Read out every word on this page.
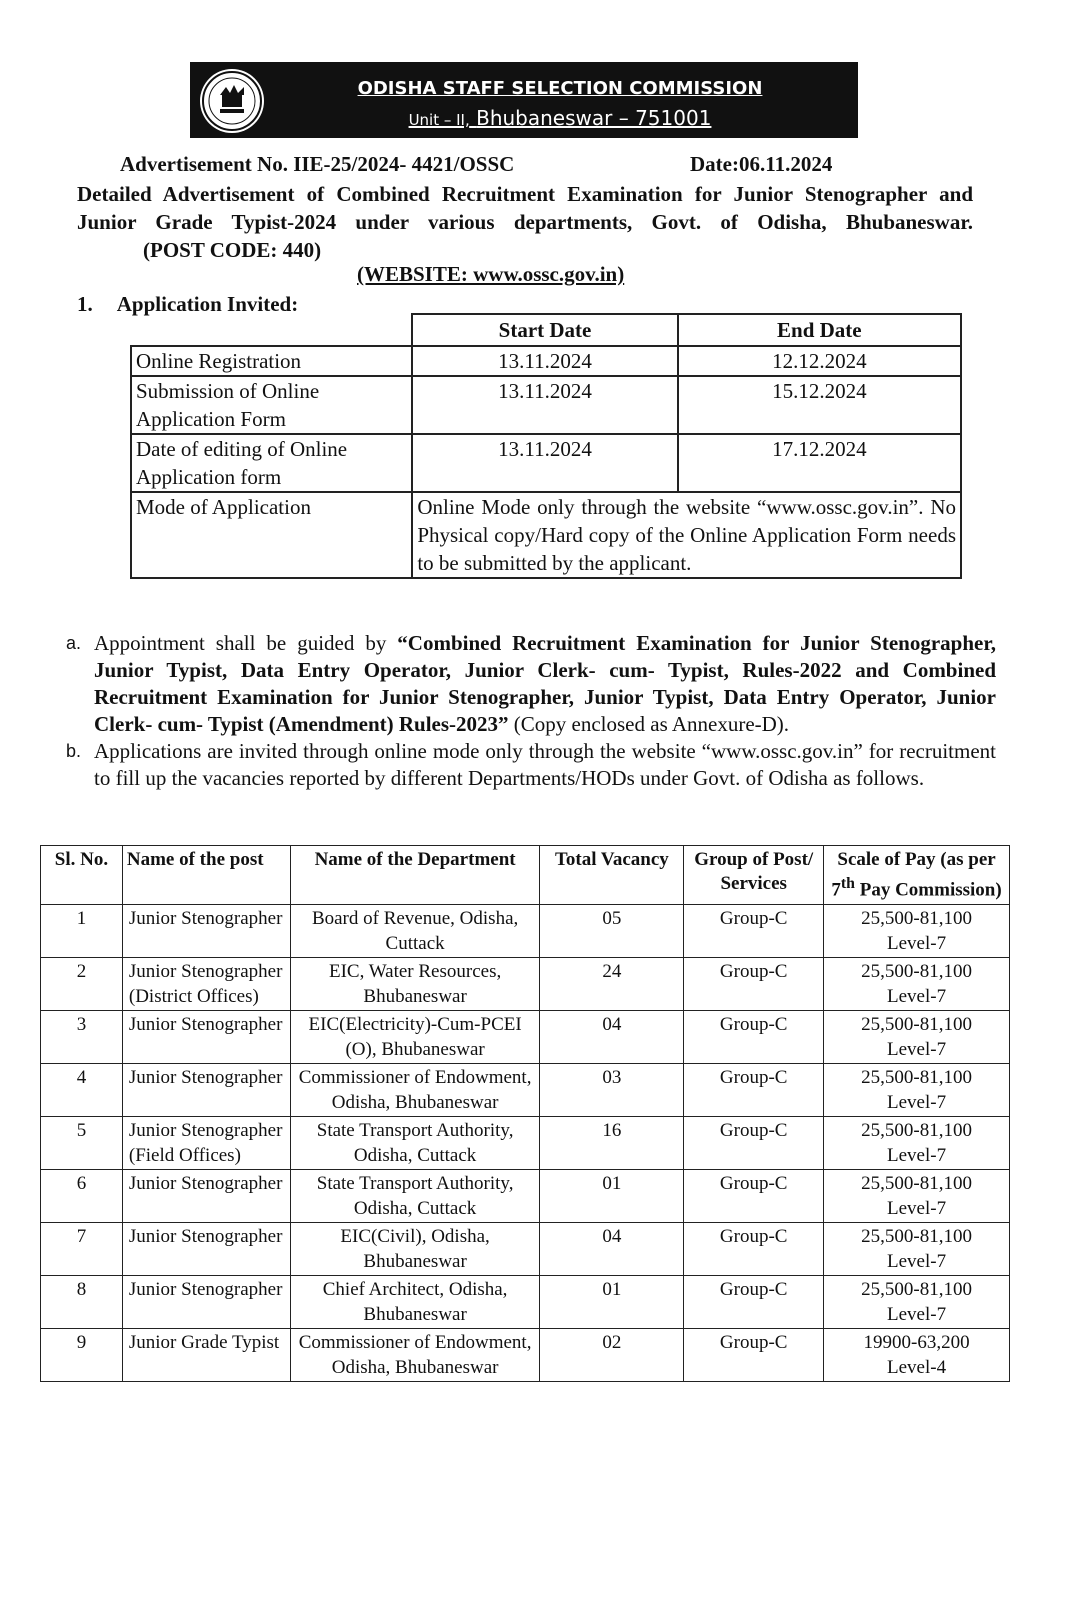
ODISHA STAFF SELECTION COMMISSION
Unit – II, Bhubaneswar – 751001
Advertisement No. IIE-25/2024- 4421/OSSC	Date:06.11.2024
Detailed Advertisement of Combined Recruitment Examination for Junior Stenographer and Junior Grade Typist-2024 under various departments, Govt. of Odisha, Bhubaneswar.(POST CODE: 440)
(WEBSITE: www.ossc.gov.in)
1. Application Invited:
	Start Date	End Date
Online Registration	13.11.2024	12.12.2024
Submission of Online Application Form	13.11.2024	15.12.2024
Date of editing of Online Application form	13.11.2024	17.12.2024
Mode of Application	Online Mode only through the website “www.ossc.gov.in”. No Physical copy/Hard copy of the Online Application Form needs to be submitted by the applicant.	
a. Appointment shall be guided by “Combined Recruitment Examination for Junior Stenographer, Junior Typist, Data Entry Operator, Junior Clerk- cum- Typist, Rules-2022 and Combined Recruitment Examination for Junior Stenographer, Junior Typist, Data Entry Operator, Junior Clerk- cum- Typist (Amendment) Rules-2023” (Copy enclosed as Annexure-D).
b. Applications are invited through online mode only through the website “www.ossc.gov.in” for recruitment to fill up the vacancies reported by different Departments/HODs under Govt. of Odisha as follows.
Sl. No.	Name of the post	Name of the Department	Total Vacancy	Group of Post/ Services	Scale of Pay (as per 7th Pay Commission)
1	Junior Stenographer	Board of Revenue, Odisha, Cuttack	05	Group-C	25,500-81,100
Level-7

2	Junior Stenographer (District Offices)	EIC, Water Resources, Bhubaneswar	24	Group-C	25,500-81,100
Level-7

3	Junior Stenographer	EIC(Electricity)-Cum-PCEI (O), Bhubaneswar	04	Group-C	25,500-81,100
Level-7

4	Junior Stenographer	Commissioner of Endowment, Odisha, Bhubaneswar	03	Group-C	25,500-81,100
Level-7

5	Junior Stenographer (Field Offices)	State Transport Authority, Odisha, Cuttack	16	Group-C	25,500-81,100
Level-7

6	Junior Stenographer	State Transport Authority, Odisha, Cuttack	01	Group-C	25,500-81,100
Level-7

7	Junior Stenographer	EIC(Civil), Odisha, Bhubaneswar	04	Group-C	25,500-81,100
Level-7

8	Junior Stenographer	Chief Architect, Odisha, Bhubaneswar	01	Group-C	25,500-81,100
Level-7

9	Junior Grade Typist	Commissioner of Endowment, Odisha, Bhubaneswar	02	Group-C	19900-63,200
Level-4
